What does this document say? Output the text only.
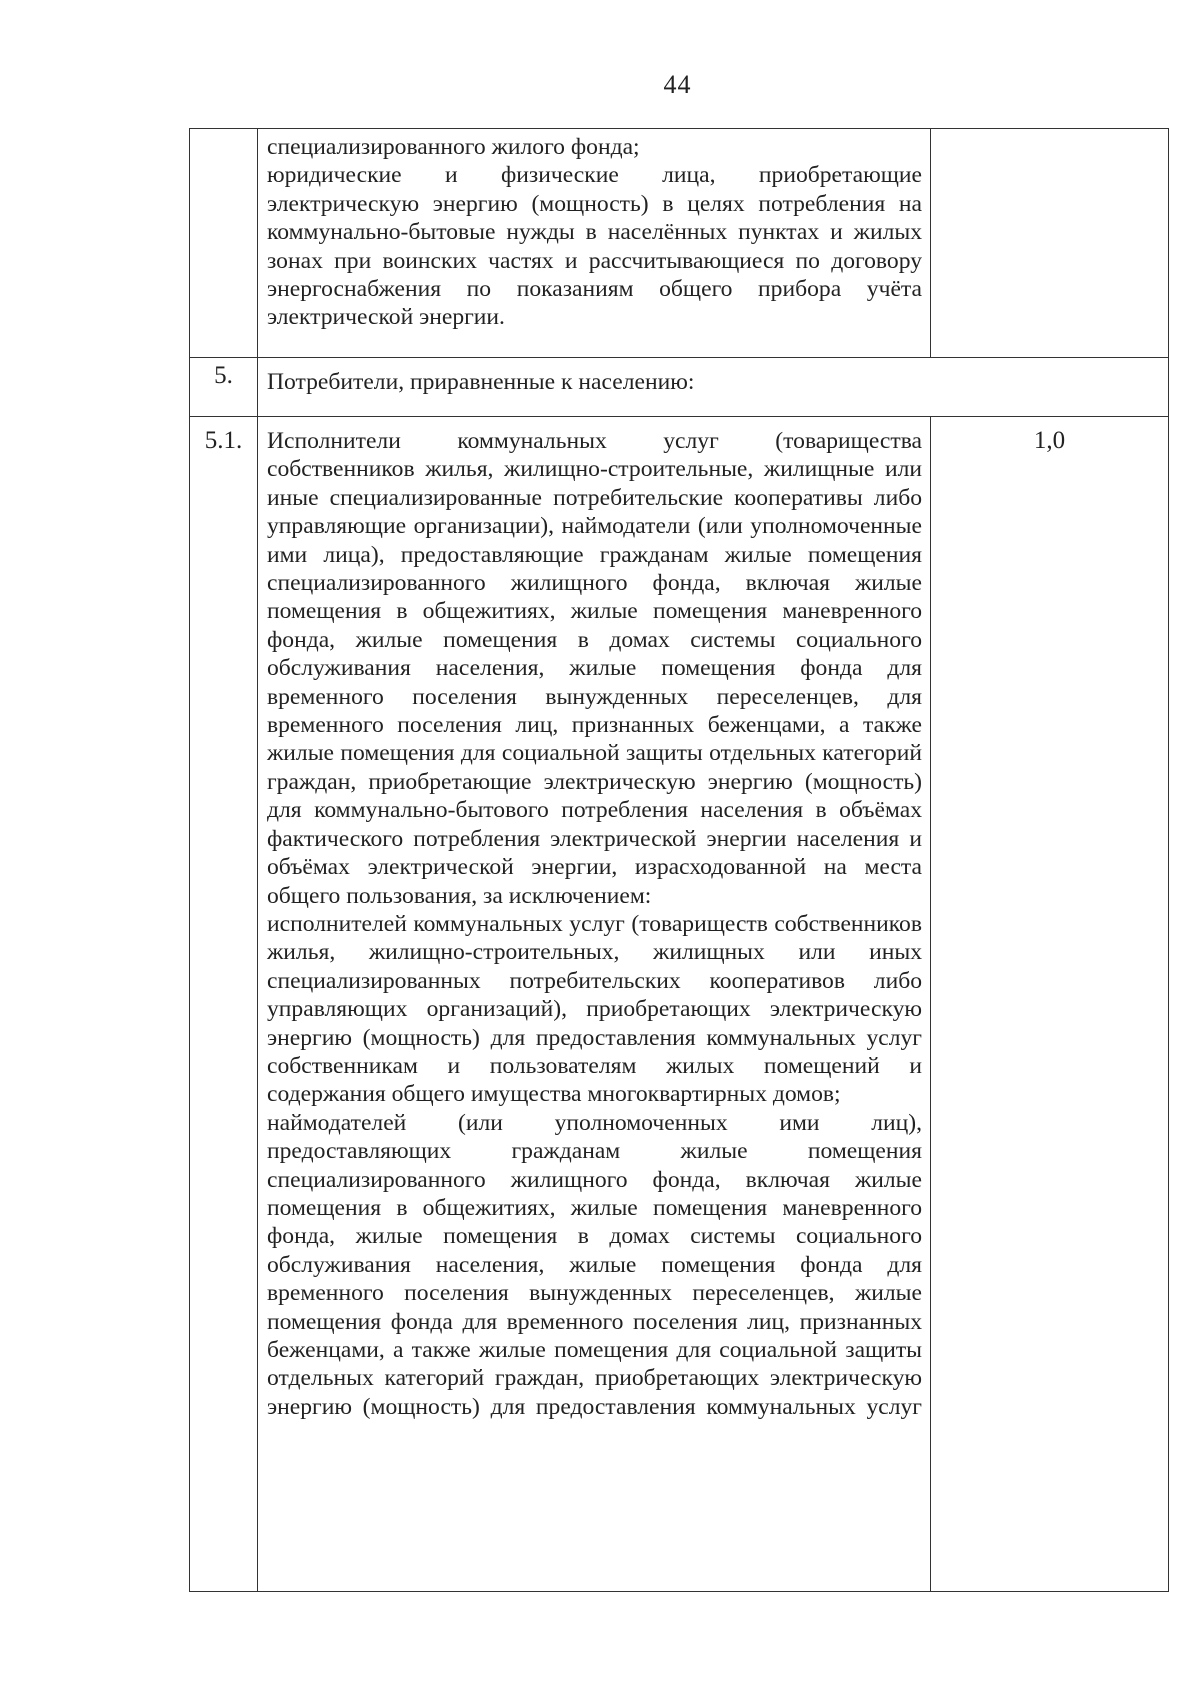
44

	специализированного жилого фонда;

юридические и физические лица, приобретающие электрическую энергию (мощность) в целях потребления на коммунально-бытовые нужды в населённых пунктах и жилых зонах при воинских частях и рассчитывающиеся по договору энергоснабжения по показаниям общего прибора учёта электрической энергии.	

5.	Потребители, приравненные к населению:	

5.1.	Исполнители коммунальных услуг (товарищества собственников жилья, жилищно-строительные, жилищные или иные специализированные потребительские кооперативы либо управляющие организации), наймодатели (или уполномоченные ими лица), предоставляющие гражданам жилые помещения специализированного жилищного фонда, включая жилые помещения в общежитиях, жилые помещения маневренного фонда, жилые помещения в домах системы социального обслуживания населения, жилые помещения фонда для временного поселения вынужденных переселенцев, для временного поселения лиц, признанных беженцами, а также жилые помещения для социальной защиты отдельных категорий граждан, приобретающие электрическую энергию (мощность) для коммунально-бытового потребления населения в объёмах фактического потребления электрической энергии населения и объёмах электрической энергии, израсходованной на места общего пользования, за исключением:

исполнителей коммунальных услуг (товариществ собственников жилья, жилищно-строительных, жилищных или иных специализированных потребительских кооперативов либо управляющих организаций), приобретающих электрическую энергию (мощность) для предоставления коммунальных услуг собственникам и пользователям жилых помещений и содержания общего имущества многоквартирных домов;

наймодателей (или уполномоченных ими лиц), предоставляющих гражданам жилые помещения специализированного жилищного фонда, включая жилые помещения в общежитиях, жилые помещения маневренного фонда, жилые помещения в домах системы социального обслуживания населения, жилые помещения фонда для временного поселения вынужденных переселенцев, жилые помещения фонда для временного поселения лиц, признанных беженцами, а также жилые помещения для социальной защиты отдельных категорий граждан, приобретающих электрическую энергию (мощность) для предоставления коммунальных услуг	1,0
